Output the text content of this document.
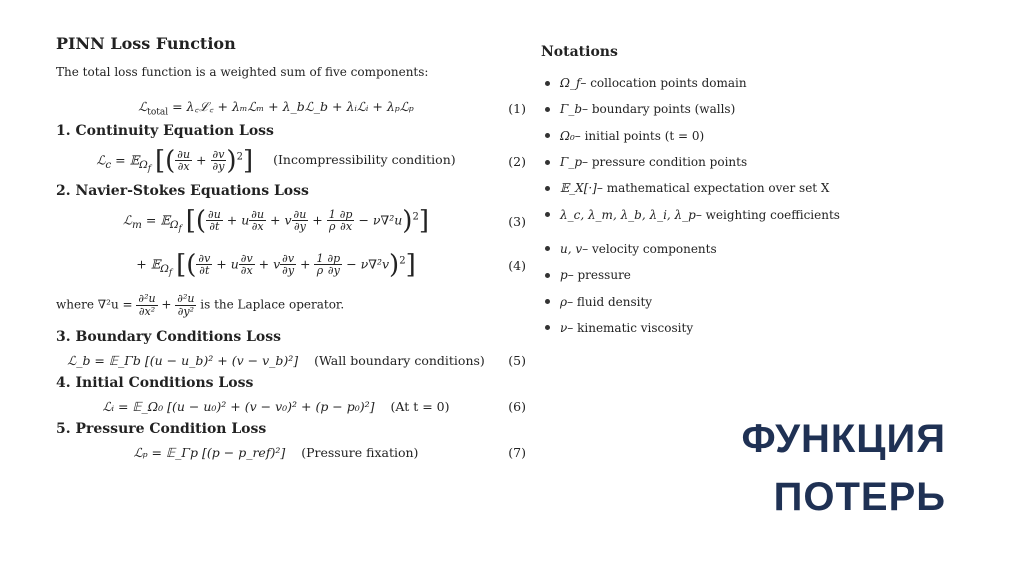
PINN Loss Function
The total loss function is a weighted sum of five components:
ℒ$_{total}$ = λ꜀ℒ꜀ + λₘℒₘ + λ_bℒ_b + λᵢℒᵢ + λₚℒₚ	(1)
1. Continuity Equation Loss
ℒ$_c$ = 𝔼$_{\Omega_f}$ [( $\frac{\partial u}{\partial x} + \frac{\partial v}{\partial y} )^2$] (Incompressibility condition)	(2)
2. Navier-Stokes Equations Loss
ℒ$_m$ = 𝔼$_{\Omega_f}$ [( $\frac{\partial u}{\partial t} + u \frac{\partial u}{\partial x} + v \frac{\partial u}{\partial y} + \frac{1}{\rho} \frac{\partial p}{\partial x} - \nu\nabla^2u)^2$]	(3)
+ 𝔼$_{\Omega_f}$ [( $\frac{\partial v}{\partial t} + u \frac{\partial v}{\partial x} + v \frac{\partial v}{\partial y} + \frac{1}{\rho} \frac{\partial p}{\partial y} - \nu\nabla^2v)^2$]	(4)
where $\nabla^2u = \frac{\text{∂²u}}{\text{∂x²}} + \frac{\text{∂²u}}{\text{∂y²}}$ is the Laplace operator.
3. Boundary Conditions Loss
ℒ_b = 𝔼_Γb [(u − u_b)² + (v − v_b)²] (Wall boundary conditions)	(5)
4. Initial Conditions Loss
ℒᵢ = 𝔼_Ω₀ [(u − u₀)² + (v − v₀)² + (p − p₀)²] (At t = 0)	(6)
5. Pressure Condition Loss
ℒₚ = 𝔼_Γp [(p − p_ref)²] (Pressure fixation)	(7)
Notations
Ω_f – collocation points domain
Γ_b – boundary points (walls)
Ω₀ – initial points (t = 0)
Γ_p – pressure condition points
𝔼_X[·] – mathematical expectation over set X
λ_c, λ_m, λ_b, λ_i, λ_p – weighting coefficients
u, v – velocity components
p – pressure
ρ – fluid density
ν – kinematic viscosity
ФУНКЦИЯ
ПОТЕРЬ
